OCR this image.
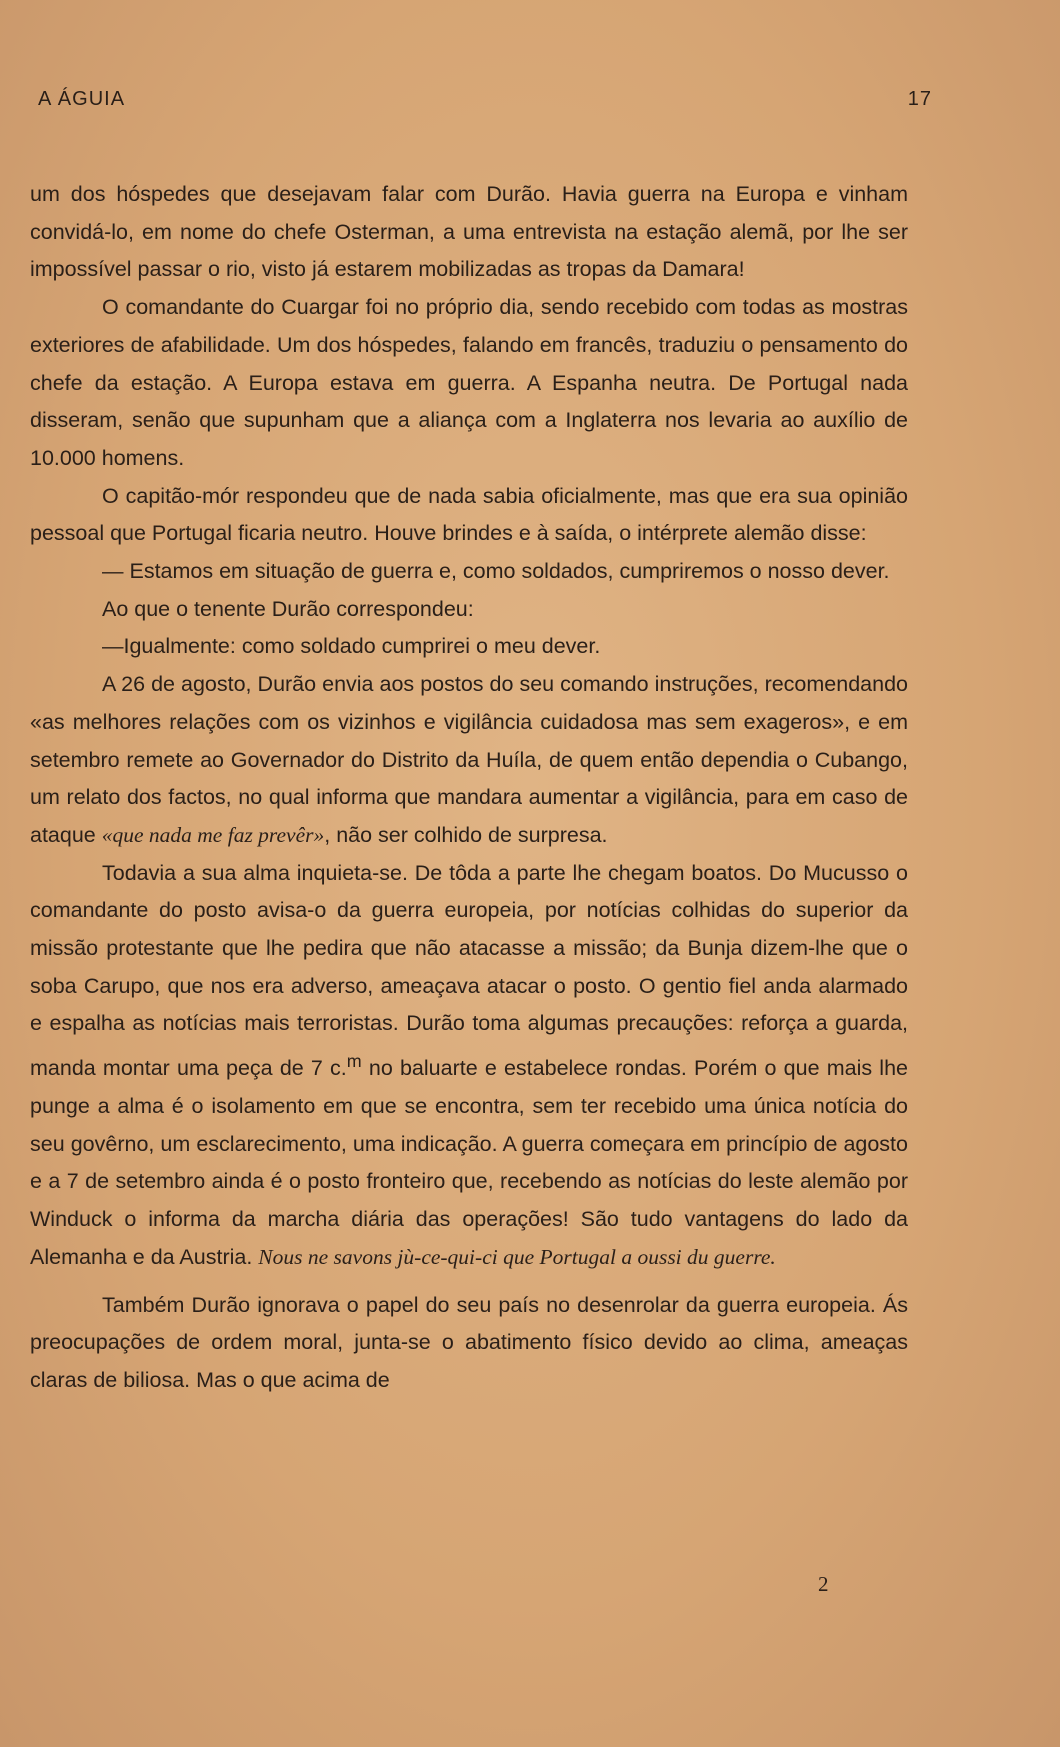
A ÁGUIA	17

um dos hóspedes que desejavam falar com Durão. Havia guerra na Europa e vinham convidá-lo, em nome do chefe Osterman, a uma entrevista na estação alemã, por lhe ser impossível passar o rio, visto já estarem mobilizadas as tropas da Damara!

O comandante do Cuargar foi no próprio dia, sendo recebido com todas as mostras exteriores de afabilidade. Um dos hóspedes, falando em francês, traduziu o pensamento do chefe da estação. A Europa estava em guerra. A Espanha neutra. De Portugal nada disseram, senão que supunham que a aliança com a Inglaterra nos levaria ao auxílio de 10.000 homens.

O capitão-mór respondeu que de nada sabia oficialmente, mas que era sua opinião pessoal que Portugal ficaria neutro. Houve brindes e à saída, o intérprete alemão disse:

— Estamos em situação de guerra e, como soldados, cumpriremos o nosso dever.

Ao que o tenente Durão correspondeu:

—Igualmente: como soldado cumprirei o meu dever.

A 26 de agosto, Durão envia aos postos do seu comando instruções, recomendando «as melhores relações com os vizinhos e vigilância cuidadosa mas sem exageros», e em setembro remete ao Governador do Distrito da Huíla, de quem então dependia o Cubango, um relato dos factos, no qual informa que mandara aumentar a vigilância, para em caso de ataque «que nada me faz prevêr», não ser colhido de surpresa.

Todavia a sua alma inquieta-se. De tôda a parte lhe chegam boatos. Do Mucusso o comandante do posto avisa-o da guerra europeia, por notícias colhidas do superior da missão protestante que lhe pedira que não atacasse a missão; da Bunja dizem-lhe que o soba Carupo, que nos era adverso, ameaçava atacar o posto. O gentio fiel anda alarmado e espalha as notícias mais terroristas. Durão toma algumas precauções: reforça a guarda, manda montar uma peça de 7 c.$^m$ no baluarte e estabelece rondas. Porém o que mais lhe punge a alma é o isolamento em que se encontra, sem ter recebido uma única notícia do seu govêrno, um esclarecimento, uma indicação. A guerra começara em princípio de agosto e a 7 de setembro ainda é o posto fronteiro que, recebendo as notícias do leste alemão por Winduck o informa da marcha diária das operações! São tudo vantagens do lado da Alemanha e da Austria. Nous ne savons jù-ce-qui-ci que Portugal a oussi du guerre.

Também Durão ignorava o papel do seu país no desenrolar da guerra europeia. Ás preocupações de ordem moral, junta-se o abatimento físico devido ao clima, ameaças claras de biliosa. Mas o que acima de

2
